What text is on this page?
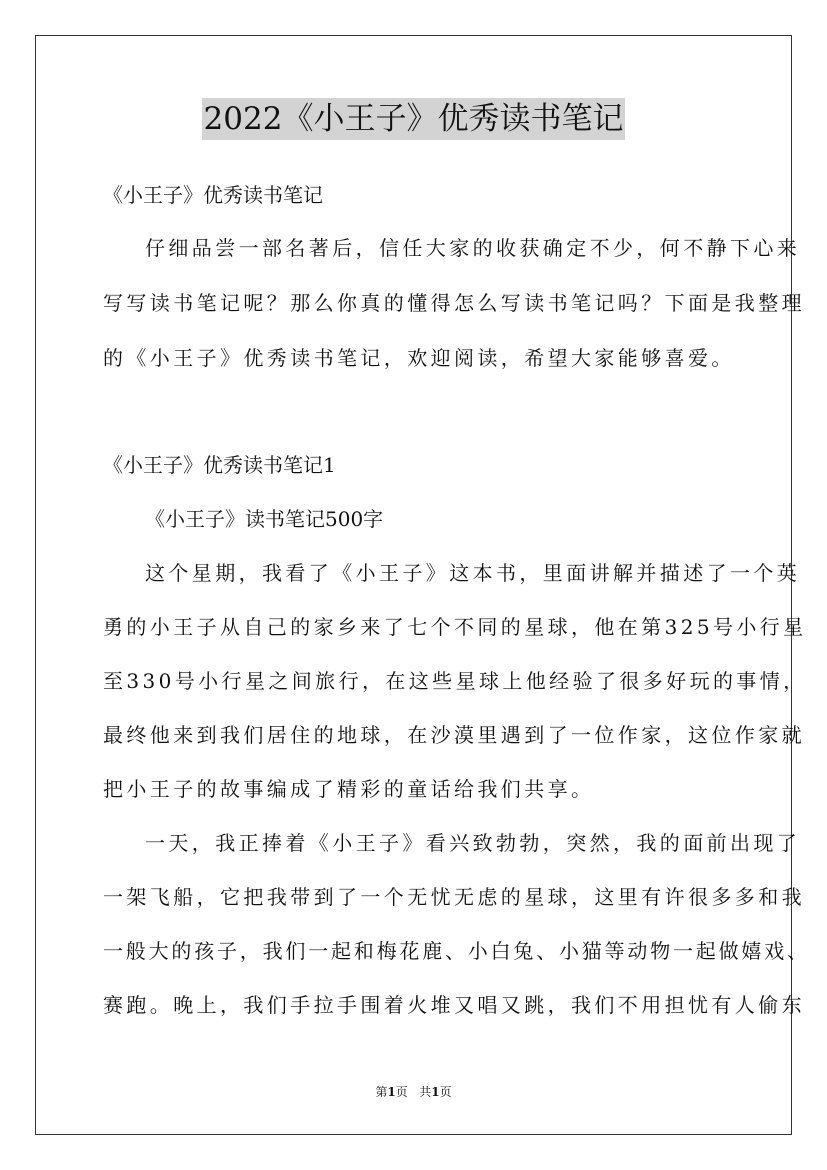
2022《小王子》优秀读书笔记
《小王子》优秀读书笔记
仔细品尝一部名著后，信任大家的收获确定不少，何不静下心来
写写读书笔记呢？那么你真的懂得怎么写读书笔记吗？下面是我整理
的《小王子》优秀读书笔记，欢迎阅读，希望大家能够喜爱。
《小王子》优秀读书笔记1
《小王子》读书笔记500字
这个星期，我看了《小王子》这本书，里面讲解并描述了一个英
勇的小王子从自己的家乡来了七个不同的星球，他在第325号小行星
至330号小行星之间旅行，在这些星球上他经验了很多好玩的事情，
最终他来到我们居住的地球，在沙漠里遇到了一位作家，这位作家就
把小王子的故事编成了精彩的童话给我们共享。
一天，我正捧着《小王子》看兴致勃勃，突然，我的面前出现了
一架飞船，它把我带到了一个无忧无虑的星球，这里有许很多多和我
一般大的孩子，我们一起和梅花鹿、小白兔、小猫等动物一起做嬉戏、
赛跑。晚上，我们手拉手围着火堆又唱又跳，我们不用担忧有人偷东
第1页 共1页
